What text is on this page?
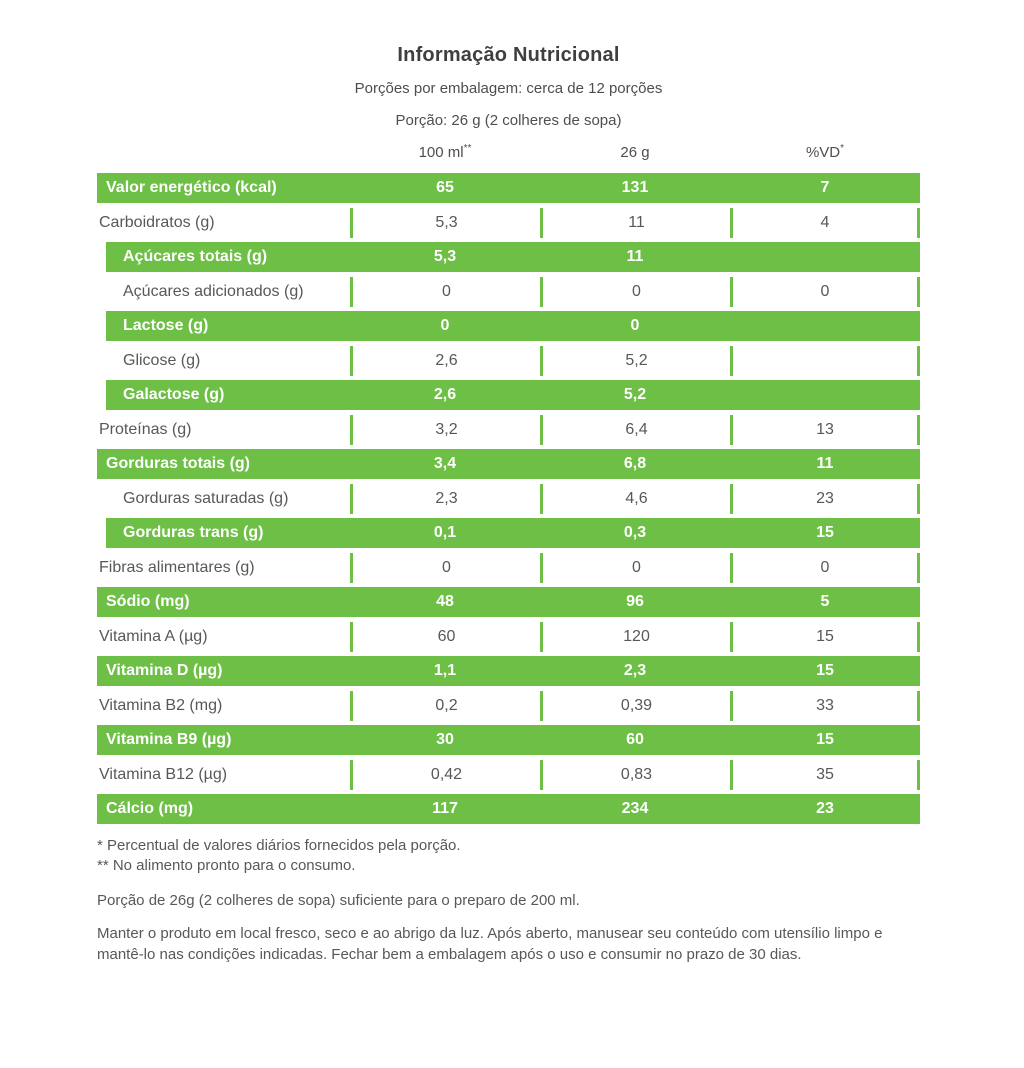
Informação Nutricional

Porções por embalagem: cerca de 12 porções

Porção: 26 g (2 colheres de sopa)

100 ml**	26 g	%VD*
Valor energético (kcal)	65	131	7
Carboidratos (g)	5,3	11	4
Açúcares totais (g)	5,3	11
Açúcares adicionados (g)	0	0	0
Lactose (g)	0	0
Glicose (g)	2,6	5,2
Galactose (g)	2,6	5,2
Proteínas (g)	3,2	6,4	13
Gorduras totais (g)	3,4	6,8	11
Gorduras saturadas (g)	2,3	4,6	23
Gorduras trans (g)	0,1	0,3	15
Fibras alimentares (g)	0	0	0
Sódio (mg)	48	96	5
Vitamina A (µg)	60	120	15
Vitamina D (µg)	1,1	2,3	15
Vitamina B2 (mg)	0,2	0,39	33
Vitamina B9 (µg)	30	60	15
Vitamina B12 (µg)	0,42	0,83	35
Cálcio (mg)	117	234	23

* Percentual de valores diários fornecidos pela porção.

** No alimento pronto para o consumo.

Porção de 26g (2 colheres de sopa) suficiente para o preparo de 200 ml.

Manter o produto em local fresco, seco e ao abrigo da luz. Após aberto, manusear seu conteúdo com utensílio limpo e mantê-lo nas condições indicadas. Fechar bem a embalagem após o uso e consumir no prazo de 30 dias.
